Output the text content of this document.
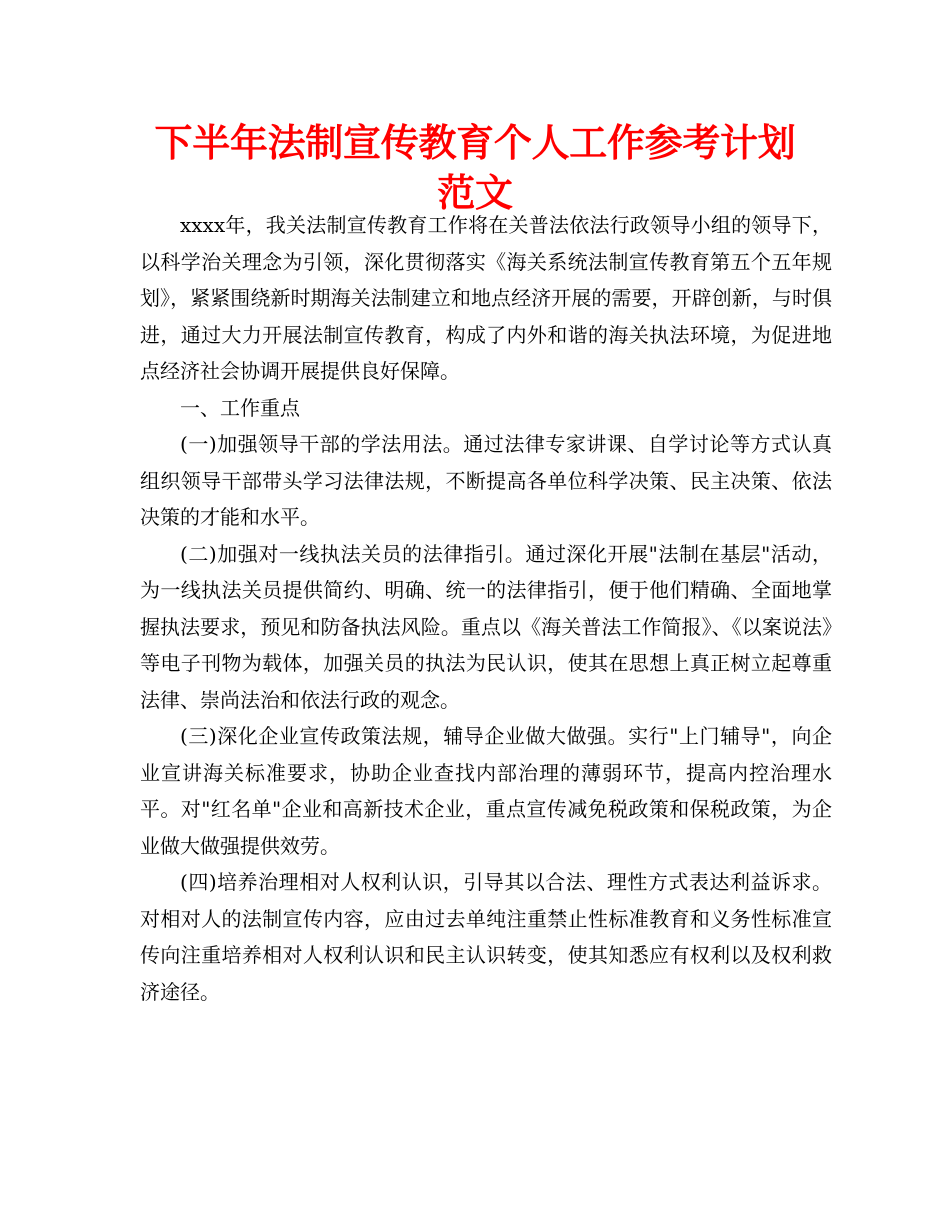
下半年法制宣传教育个人工作参考计划范文

xxxx年，我关法制宣传教育工作将在关普法依法行政领导小组的领导下，以科学治关理念为引领，深化贯彻落实《海关系统法制宣传教育第五个五年规划》，紧紧围绕新时期海关法制建立和地点经济开展的需要，开辟创新，与时俱进，通过大力开展法制宣传教育，构成了内外和谐的海关执法环境，为促进地点经济社会协调开展提供良好保障。

一、工作重点

(一)加强领导干部的学法用法。通过法律专家讲课、自学讨论等方式认真组织领导干部带头学习法律法规，不断提高各单位科学决策、民主决策、依法决策的才能和水平。

(二)加强对一线执法关员的法律指引。通过深化开展"法制在基层"活动，为一线执法关员提供简约、明确、统一的法律指引，便于他们精确、全面地掌握执法要求，预见和防备执法风险。重点以《海关普法工作简报》、《以案说法》等电子刊物为载体，加强关员的执法为民认识，使其在思想上真正树立起尊重法律、崇尚法治和依法行政的观念。

(三)深化企业宣传政策法规，辅导企业做大做强。实行"上门辅导"，向企业宣讲海关标准要求，协助企业查找内部治理的薄弱环节，提高内控治理水平。对"红名单"企业和高新技术企业，重点宣传减免税政策和保税政策，为企业做大做强提供效劳。

(四)培养治理相对人权利认识，引导其以合法、理性方式表达利益诉求。对相对人的法制宣传内容，应由过去单纯注重禁止性标准教育和义务性标准宣传向注重培养相对人权利认识和民主认识转变，使其知悉应有权利以及权利救济途径。
